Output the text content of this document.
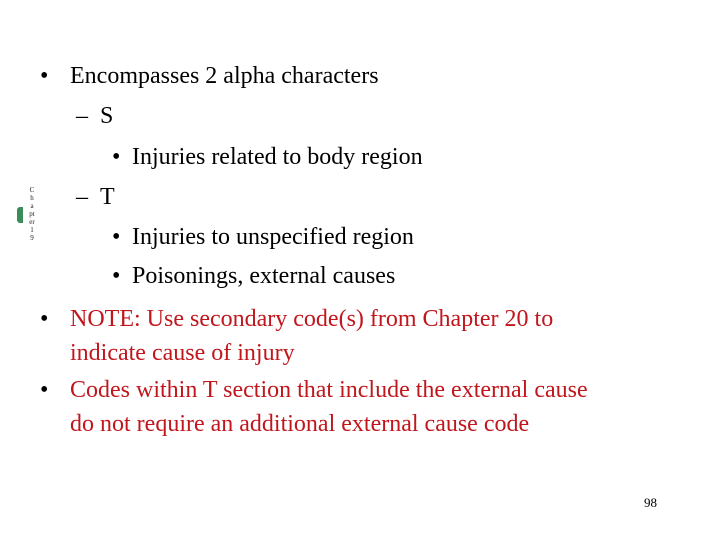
C
h
a
pt
er
1
9
• Encompasses 2 alpha characters
– S
• Injuries related to body region
– T
• Injuries to unspecified region
• Poisonings, external causes
• NOTE: Use secondary code(s) from Chapter 20 to
indicate cause of injury
• Codes within T section that include the external cause
do not require an additional external cause code
98
